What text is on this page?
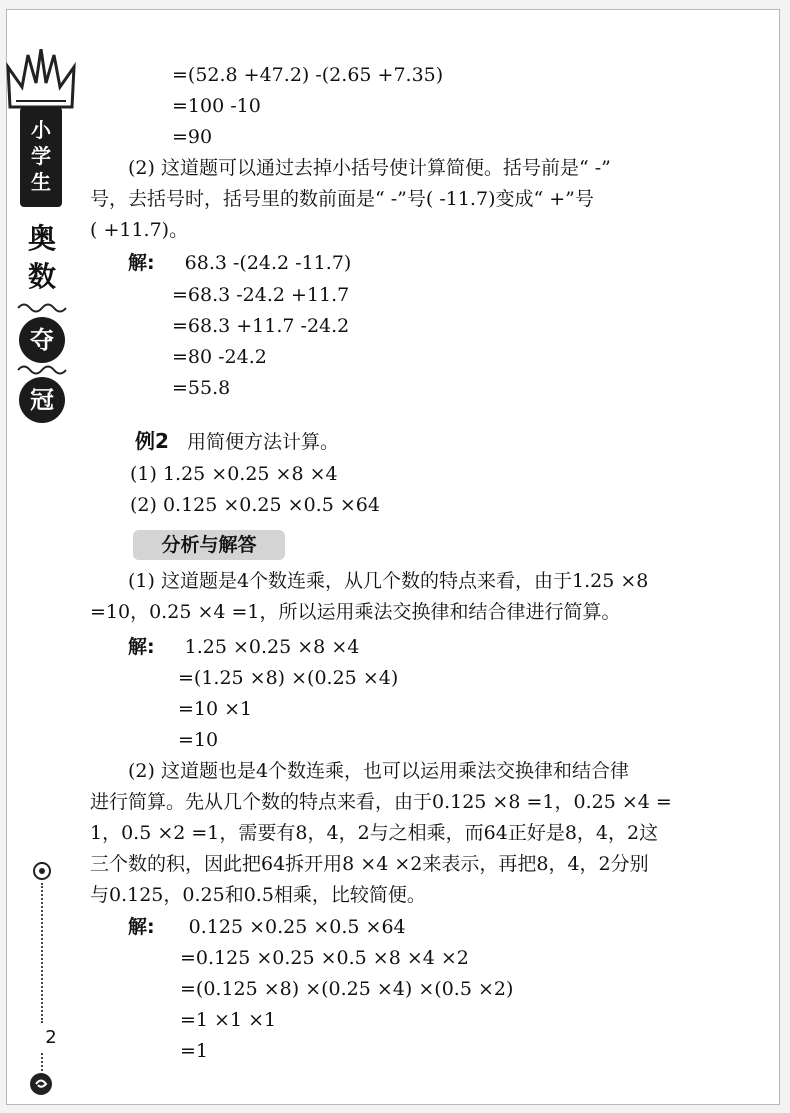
小
学
生
奥
数
夺
冠
2
=(52.8 +47.2) -(2.65 +7.35)
=100 -10
=90
(2) 这道题可以通过去掉小括号使计算简便。括号前是“ -”
号，去括号时，括号里的数前面是“ -”号( -11.7)变成“ +”号
( +11.7)。
解: 68.3 -(24.2 -11.7)
=68.3 -24.2 +11.7
=68.3 +11.7 -24.2
=80 -24.2
=55.8
例2 用简便方法计算。
(1) 1.25 ×0.25 ×8 ×4
(2) 0.125 ×0.25 ×0.5 ×64
分析与解答
(1) 这道题是4个数连乘，从几个数的特点来看，由于1.25 ×8
=10，0.25 ×4 =1，所以运用乘法交换律和结合律进行简算。
解: 1.25 ×0.25 ×8 ×4
=(1.25 ×8) ×(0.25 ×4)
=10 ×1
=10
(2) 这道题也是4个数连乘，也可以运用乘法交换律和结合律
进行简算。先从几个数的特点来看，由于0.125 ×8 =1，0.25 ×4 =
1，0.5 ×2 =1，需要有8，4，2与之相乘，而64正好是8，4，2这
三个数的积，因此把64拆开用8 ×4 ×2来表示，再把8，4，2分别
与0.125，0.25和0.5相乘，比较简便。
解: 0.125 ×0.25 ×0.5 ×64
=0.125 ×0.25 ×0.5 ×8 ×4 ×2
=(0.125 ×8) ×(0.25 ×4) ×(0.5 ×2)
=1 ×1 ×1
=1
